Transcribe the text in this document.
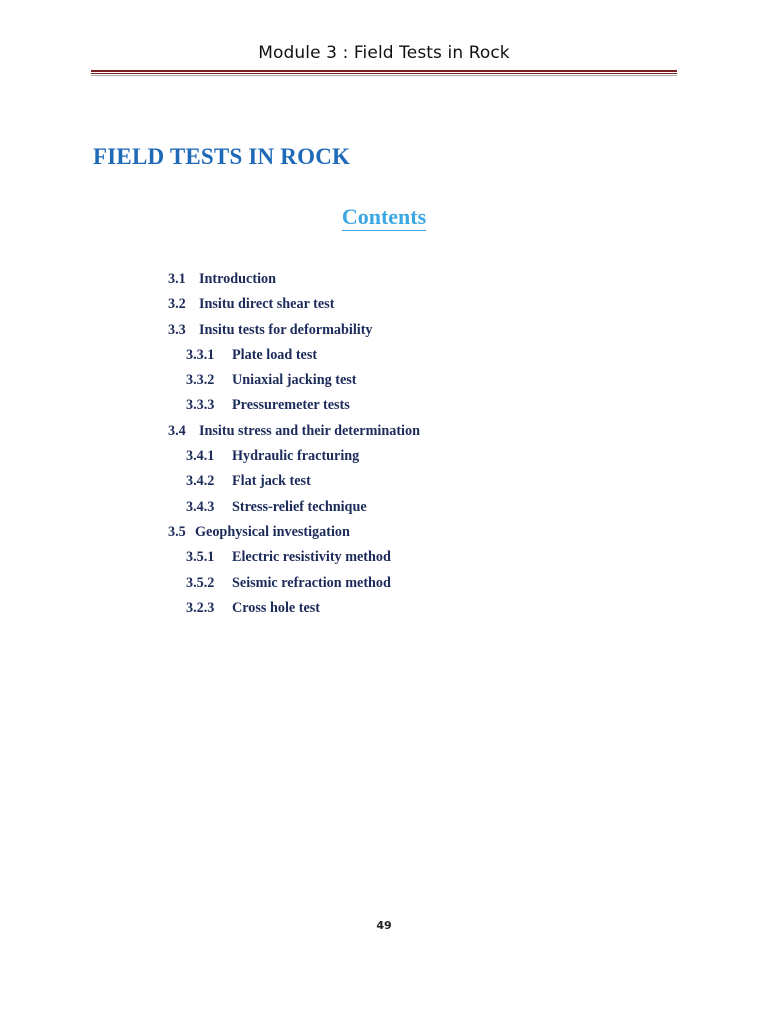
Module 3 : Field Tests in Rock
FIELD TESTS IN ROCK
Contents
3.1 Introduction
3.2 Insitu direct shear test
3.3 Insitu tests for deformability
3.3.1 Plate load test
3.3.2 Uniaxial jacking test
3.3.3 Pressuremeter tests
3.4 Insitu stress and their determination
3.4.1 Hydraulic fracturing
3.4.2 Flat jack test
3.4.3 Stress-relief technique
3.5 Geophysical investigation
3.5.1 Electric resistivity method
3.5.2 Seismic refraction method
3.2.3 Cross hole test
49
